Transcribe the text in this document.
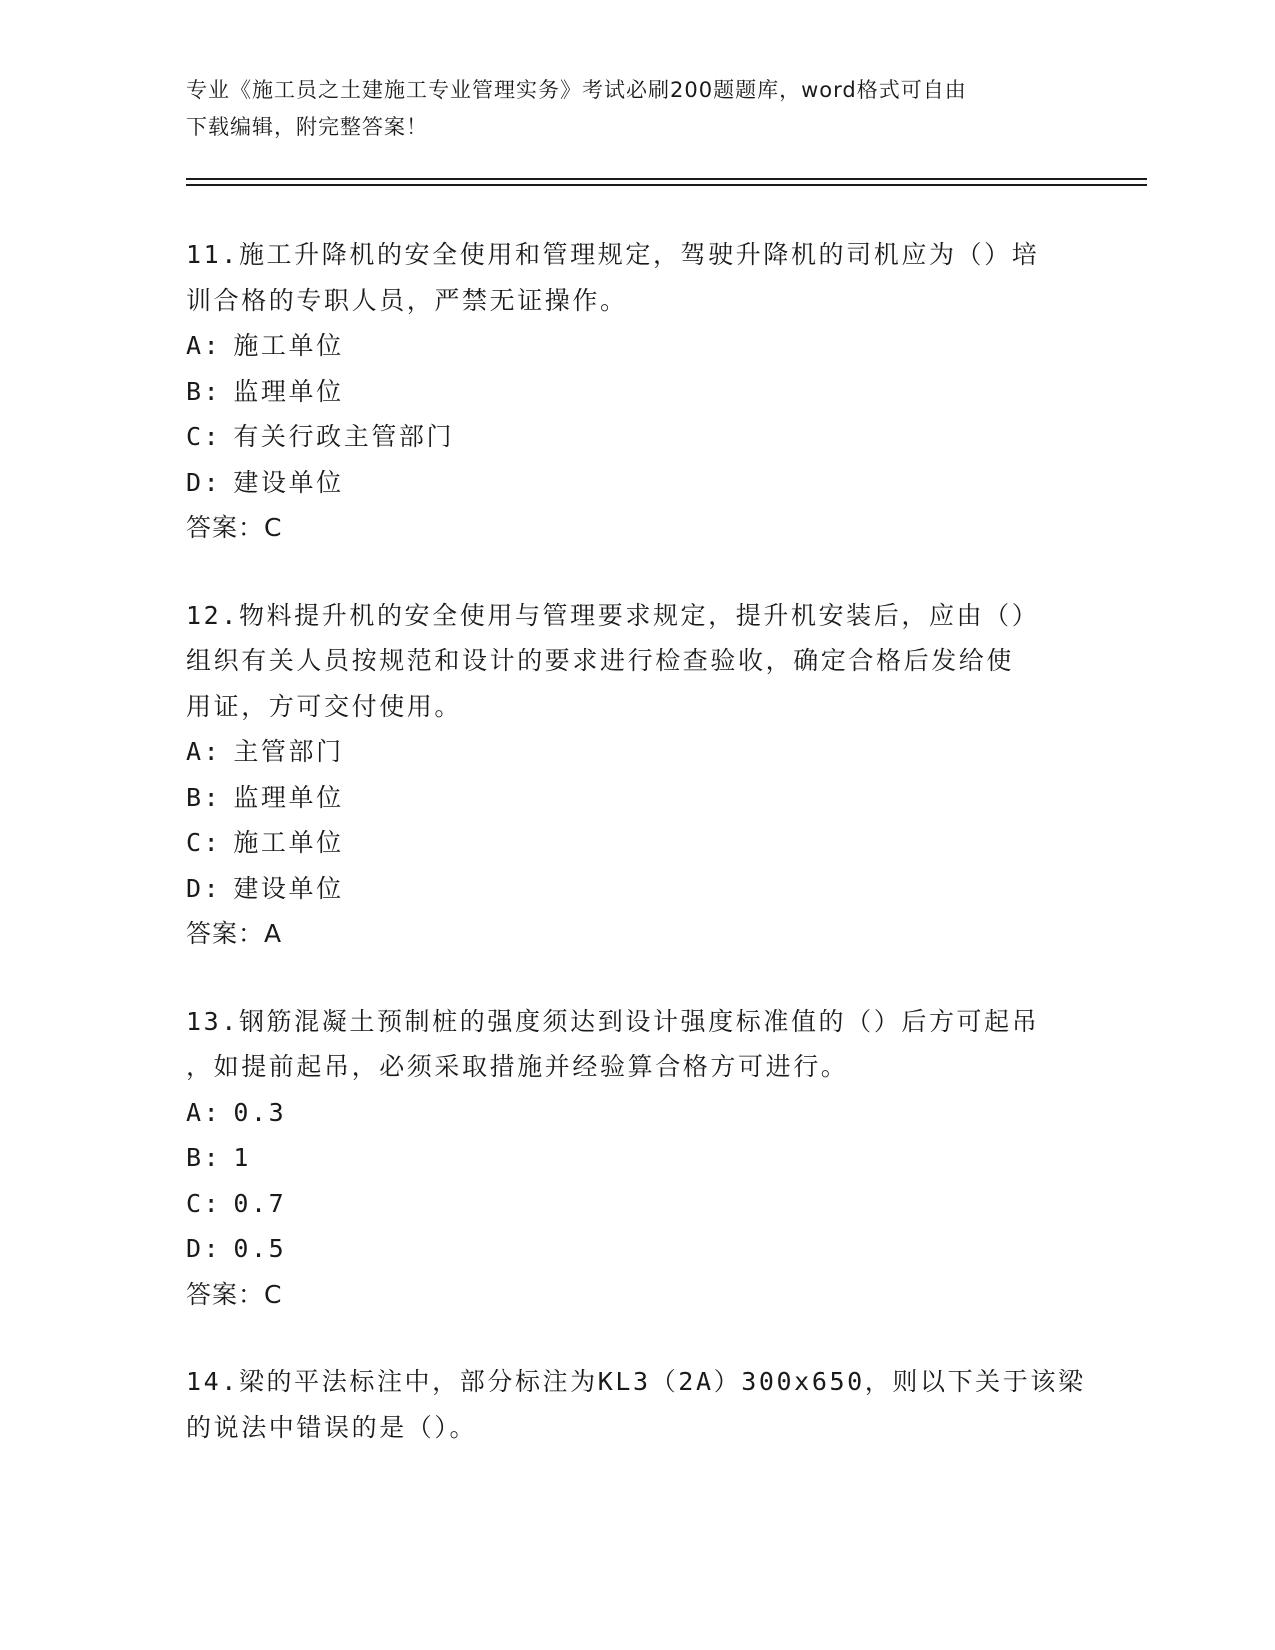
专业《施工员之土建施工专业管理实务》考试必刷200题题库，word格式可自由
下载编辑，附完整答案！
11.施工升降机的安全使用和管理规定，驾驶升降机的司机应为（）培
训合格的专职人员，严禁无证操作。
A: 施工单位
B: 监理单位
C: 有关行政主管部门
D: 建设单位
答案：C
12.物料提升机的安全使用与管理要求规定，提升机安装后，应由（）
组织有关人员按规范和设计的要求进行检查验收，确定合格后发给使
用证，方可交付使用。
A: 主管部门
B: 监理单位
C: 施工单位
D: 建设单位
答案：A
13.钢筋混凝土预制桩的强度须达到设计强度标准值的（）后方可起吊
，如提前起吊，必须采取措施并经验算合格方可进行。
A: 0.3
B: 1
C: 0.7
D: 0.5
答案：C
14.梁的平法标注中，部分标注为KL3（2A）300x650，则以下关于该梁
的说法中错误的是（）。
